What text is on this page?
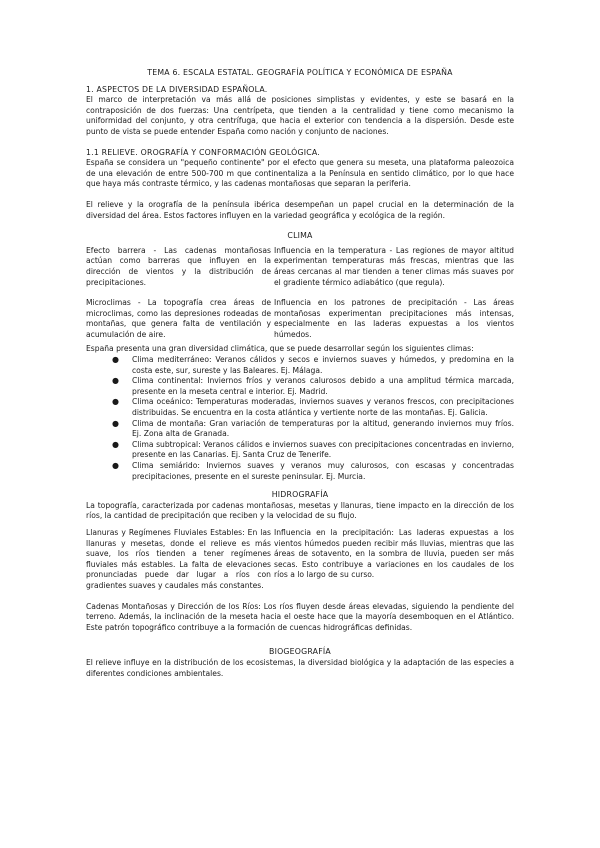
TEMA 6. ESCALA ESTATAL. GEOGRAFÍA POLÍTICA Y ECONÓMICA DE ESPAÑA

1. ASPECTOS DE LA DIVERSIDAD ESPAÑOLA.

El marco de interpretación va más allá de posiciones simplistas y evidentes, y este se basará en la contraposición de dos fuerzas: Una centrípeta, que tienden a la centralidad y tiene como mecanismo la uniformidad del conjunto, y otra centrífuga, que hacia el exterior con tendencia a la dispersión. Desde este punto de vista se puede entender España como nación y conjunto de naciones.

1.1 RELIEVE. OROGRAFÍA Y CONFORMACIÓN GEOLÓGICA.

España se considera un "pequeño continente" por el efecto que genera su meseta, una plataforma paleozoica de una elevación de entre 500-700 m que continentaliza a la Península en sentido climático, por lo que hace que haya más contraste térmico, y las cadenas montañosas que separan la periferia.

El relieve y la orografía de la península ibérica desempeñan un papel crucial en la determinación de la diversidad del área. Estos factores influyen en la variedad geográfica y ecológica de la región.

CLIMA

Efecto barrera - Las cadenas montañosas actúan como barreras que influyen en la dirección de vientos y la distribución de precipitaciones.
Influencia en la temperatura - Las regiones de mayor altitud experimentan temperaturas más frescas, mientras que las áreas cercanas al mar tienden a tener climas más suaves por el gradiente térmico adiabático (que regula).
Microclimas - La topografía crea áreas de microclimas, como las depresiones rodeadas de montañas, que genera falta de ventilación y acumulación de aire.
Influencia en los patrones de precipitación - Las áreas montañosas experimentan precipitaciones más intensas, especialmente en las laderas expuestas a los vientos húmedos.

España presenta una gran diversidad climática, que se puede desarrollar según los siguientes climas:

● Clima mediterráneo: Veranos cálidos y secos e inviernos suaves y húmedos, y predomina en la costa este, sur, sureste y las Baleares. Ej. Málaga.
● Clima continental: Inviernos fríos y veranos calurosos debido a una amplitud térmica marcada, presente en la meseta central e interior. Ej. Madrid.
● Clima oceánico: Temperaturas moderadas, inviernos suaves y veranos frescos, con precipitaciones distribuidas. Se encuentra en la costa atlántica y vertiente norte de las montañas. Ej. Galicia.
● Clima de montaña: Gran variación de temperaturas por la altitud, generando inviernos muy fríos. Ej. Zona alta de Granada.
● Clima subtropical: Veranos cálidos e inviernos suaves con precipitaciones concentradas en invierno, presente en las Canarias. Ej. Santa Cruz de Tenerife.
● Clima semiárido: Inviernos suaves y veranos muy calurosos, con escasas y concentradas precipitaciones, presente en el sureste peninsular. Ej. Murcia.

HIDROGRAFÍA

La topografía, caracterizada por cadenas montañosas, mesetas y llanuras, tiene impacto en la dirección de los ríos, la cantidad de precipitación que reciben y la velocidad de su flujo.

Llanuras y Regímenes Fluviales Estables: En las llanuras y mesetas, donde el relieve es más suave, los ríos tienden a tener regímenes fluviales más estables. La falta de elevaciones pronunciadas puede dar lugar a ríos con gradientes suaves y caudales más constantes.
Influencia en la precipitación: Las laderas expuestas a los vientos húmedos pueden recibir más lluvias, mientras que las áreas de sotavento, en la sombra de lluvia, pueden ser más secas. Esto contribuye a variaciones en los caudales de los ríos a lo largo de su curso.

Cadenas Montañosas y Dirección de los Ríos: Los ríos fluyen desde áreas elevadas, siguiendo la pendiente del terreno. Además, la inclinación de la meseta hacia el oeste hace que la mayoría desemboquen en el Atlántico. Este patrón topográfico contribuye a la formación de cuencas hidrográficas definidas.

BIOGEOGRAFÍA

El relieve influye en la distribución de los ecosistemas, la diversidad biológica y la adaptación de las especies a diferentes condiciones ambientales.
